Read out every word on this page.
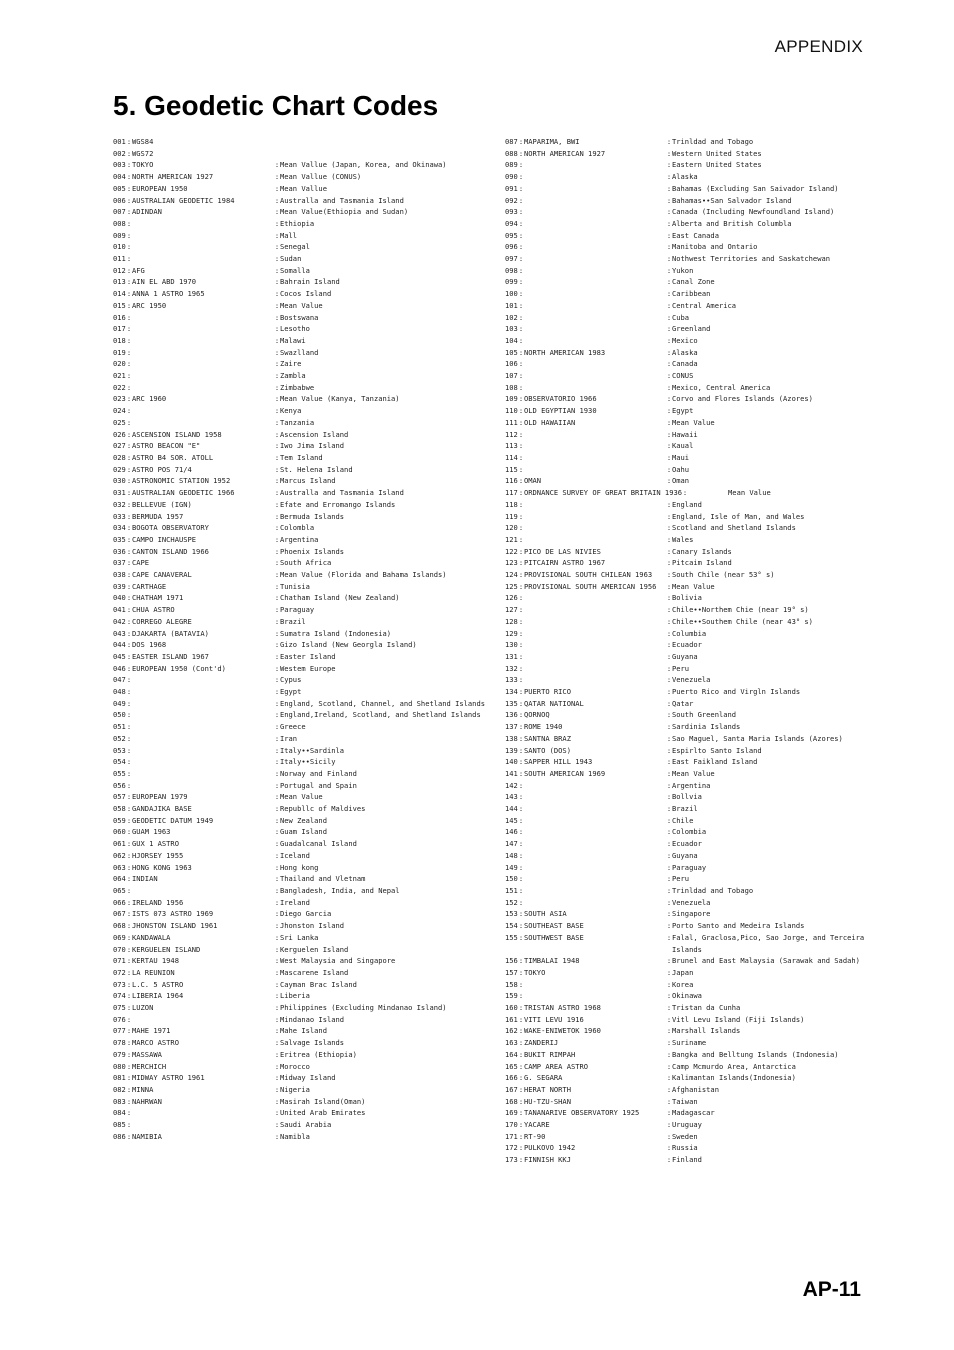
APPENDIX
5. Geodetic Chart Codes
001 : WGS84
002 : WGS72
003 : TOKYO	: Mean Vallue (Japan, Korea, and Okinawa)
004 : NORTH AMERICAN 1927	: Mean Vallue (CONUS)
005 : EUROPEAN 1950	: Mean Vallue
006 : AUSTRALIAN GEODETIC 1984	: Australla and Tasmania Island
007 : ADINDAN	: Mean Value(Ethiopia and Sudan)
008 :	: Ethiopia
009 :	: Mall
010 :	: Senegal
011 :	: Sudan
012 : AFG	: Somalla
013 : AIN EL ABD 1970	: Bahrain Island
014 : ANNA 1 ASTRO 1965	: Cocos Island
015 : ARC 1950	: Mean Value
016 :	: Bostswana
017 :	: Lesotho
018 :	: Malawi
019 :	: Swazlland
020 :	: Zaire
021 :	: Zambla
022 :	: Zimbabwe
023 : ARC 1960	: Mean Value (Kanya, Tanzania)
024 :	: Kenya
025 :	: Tanzania
026 : ASCENSION ISLAND 1958	: Ascension Island
027 : ASTRO BEACON "E"	: Iwo Jima Island
028 : ASTRO B4 SOR. ATOLL	: Tem Island
029 : ASTRO POS 71/4	: St. Helena Island
030 : ASTRONOMIC STATION 1952	: Marcus Island
031 : AUSTRALIAN GEODETIC 1966	: Australla and Tasmania Island
032 : BELLEVUE (IGN)	: Efate and Erromango Islands
033 : BERMUDA 1957	: Bermuda Islands
034 : BOGOTA OBSERVATORY	: Colombla
035 : CAMPO INCHAUSPE	: Argentina
036 : CANTON ISLAND 1966	: Phoenix Islands
037 : CAPE	: South Africa
038 : CAPE CANAVERAL	: Mean Value (Florida and Bahama Islands)
039 : CARTHAGE	: Tunisia
040 : CHATHAM 1971	: Chatham Island (New Zealand)
041 : CHUA ASTRO	: Paraguay
042 : CORREGO ALEGRE	: Brazil
043 : DJAKARTA (BATAVIA)	: Sumatra Island (Indonesia)
044 : DOS 1968	: Gizo Island (New Georgla Island)
045 : EASTER ISLAND 1967	: Easter Island
046 : EUROPEAN 1950 (Cont'd)	: Westem Europe
047 :	: Cypus
048 :	: Egypt
049 :	: England, Scotland, Channel, and Shetland Islands
050 :	: England,Ireland, Scotland, and Shetland Islands
051 :	: Greece
052 :	: Iran
053 :	: Italy••Sardinla
054 :	: Italy••Sicily
055 :	: Norway and Finland
056 :	: Portugal and Spain
057 : EUROPEAN 1979	: Mean Value
058 : GANDAJIKA BASE	: Republlc of Maldives
059 : GEODETIC DATUM 1949	: New Zealand
060 : GUAM 1963	: Guam Island
061 : GUX 1 ASTRO	: Guadalcanal Island
062 : HJORSEY 1955	: Iceland
063 : HONG KONG 1963	: Hong kong
064 : INDIAN	: Thailand and Vletnam
065 :	: Bangladesh, India, and Nepal
066 : IRELAND 1956	: Ireland
067 : ISTS 073 ASTRO 1969	: Diego Garcia
068 : JHONSTON ISLAND 1961	: Jhonston Island
069 : KANDAWALA	: Sri Lanka
070 : KERGUELEN ISLAND	: Kerguelen Island
071 : KERTAU 1948	: West Malaysia and Singapore
072 : LA REUNION	: Mascarene Island
073 : L.C. 5 ASTRO	: Cayman Brac Island
074 : LIBERIA 1964	: Liberia
075 : LUZON	: Philippines (Excluding Mindanao Island)
076 :	: Mindanao Island
077 : MAHE 1971	: Mahe Island
078 : MARCO ASTRO	: Salvage Islands
079 : MASSAWA	: Eritrea (Ethiopia)
080 : MERCHICH	: Morocco
081 : MIDWAY ASTRO 1961	: Midway Island
082 : MINNA	: Nigeria
083 : NAHRWAN	: Masirah Island(Oman)
084 :	: United Arab Emirates
085 :	: Saudi Arabia
086 : NAMIBIA	: Namibla
087 : MAPARIMA, BWI	: Trinldad and Tobago
088 : NORTH AMERICAN 1927	: Western United States
089 :	: Eastern United States
090 :	: Alaska
091 :	: Bahamas (Excluding San Saivador Island)
092 :	: Bahamas••San Salvador Island
093 :	: Canada (Including Newfoundland Island)
094 :	: Alberta and British Columbla
095 :	: East Canada
096 :	: Manitoba and Ontario
097 :	: Nothwest Territories and Saskatchewan
098 :	: Yukon
099 :	: Canal Zone
100 :	: Caribbean
101 :	: Central America
102 :	: Cuba
103 :	: Greenland
104 :	: Mexico
105 : NORTH AMERICAN 1983	: Alaska
106 :	: Canada
107 :	: CONUS
108 :	: Mexico, Central America
109 : OBSERVATORIO 1966	: Corvo and Flores Islands (Azores)
110 : OLD EGYPTIAN 1930	: Egypt
111 : OLD HAWAIIAN	: Mean Value
112 :	: Hawaii
113 :	: Kaual
114 :	: Maui
115 :	: Oahu
116 : OMAN	: Oman
117 : ORDNANCE SURVEY OF GREAT BRITAIN 1936 :	Mean Value
118 :	: England
119 :	: England, Isle of Man, and Wales
120 :	: Scotland and Shetland Islands
121 :	: Wales
122 : PICO DE LAS NIVIES	: Canary Islands
123 : PITCAIRN ASTRO 1967	: Pitcaim Island
124 : PROVISIONAL SOUTH CHILEAN 1963	: South Chile (near 53° s)
125 : PROVISIONAL SOUTH AMERICAN 1956	: Mean Value
126 :	: Bolivia
127 :	: Chile••Northem Chie (near 19° s)
128 :	: Chile••Southem Chile (near 43° s)
129 :	: Columbia
130 :	: Ecuador
131 :	: Guyana
132 :	: Peru
133 :	: Venezuela
134 : PUERTO RICO	: Puerto Rico and Virgln Islands
135 : QATAR NATIONAL	: Qatar
136 : QORNOQ	: South Greenland
137 : ROME 1940	: Sardinia Islands
138 : SANTNA BRAZ	: Sao Maguel, Santa Maria Islands (Azores)
139 : SANTO (DOS)	: Espirlto Santo Island
140 : SAPPER HILL 1943	: East Faikland Island
141 : SOUTH AMERICAN 1969	: Mean Value
142 :	: Argentina
143 :	: Bollvia
144 :	: Brazil
145 :	: Chile
146 :	: Colombia
147 :	: Ecuador
148 :	: Guyana
149 :	: Paraguay
150 :	: Peru
151 :	: Trinldad and Tobago
152 :	: Venezuela
153 : SOUTH ASIA	: Singapore
154 : SOUTHEAST BASE	: Porto Santo and Medeira Islands
155 : SOUTHWEST BASE	: Falal, Graclosa,Pico, Sao Jorge, and Terceira Islands
156 : TIMBALAI 1948	: Brunel and East Malaysia (Sarawak and Sadah)
157 : TOKYO	: Japan
158 :	: Korea
159 :	: Okinawa
160 : TRISTAN ASTRO 1968	: Tristan da Cunha
161 : VITI LEVU 1916	: Vitl Levu Island (Fiji Islands)
162 : WAKE-ENIWETOK 1960	: Marshall Islands
163 : ZANDERIJ	: Suriname
164 : BUKIT RIMPAH	: Bangka and Belltung Islands (Indonesia)
165 : CAMP AREA ASTRO	: Camp Mcmurdo Area, Antarctica
166 : G. SEGARA	: Kalimantan Islands(Indonesia)
167 : HERAT NORTH	: Afghanistan
168 : HU-TZU-SHAN	: Taiwan
169 : TANANARIVE OBSERVATORY 1925	: Madagascar
170 : YACARE	: Uruguay
171 : RT-90	: Sweden
172 : PULKOVO 1942	: Russia
173 : FINNISH KKJ	: Finland
AP-11
